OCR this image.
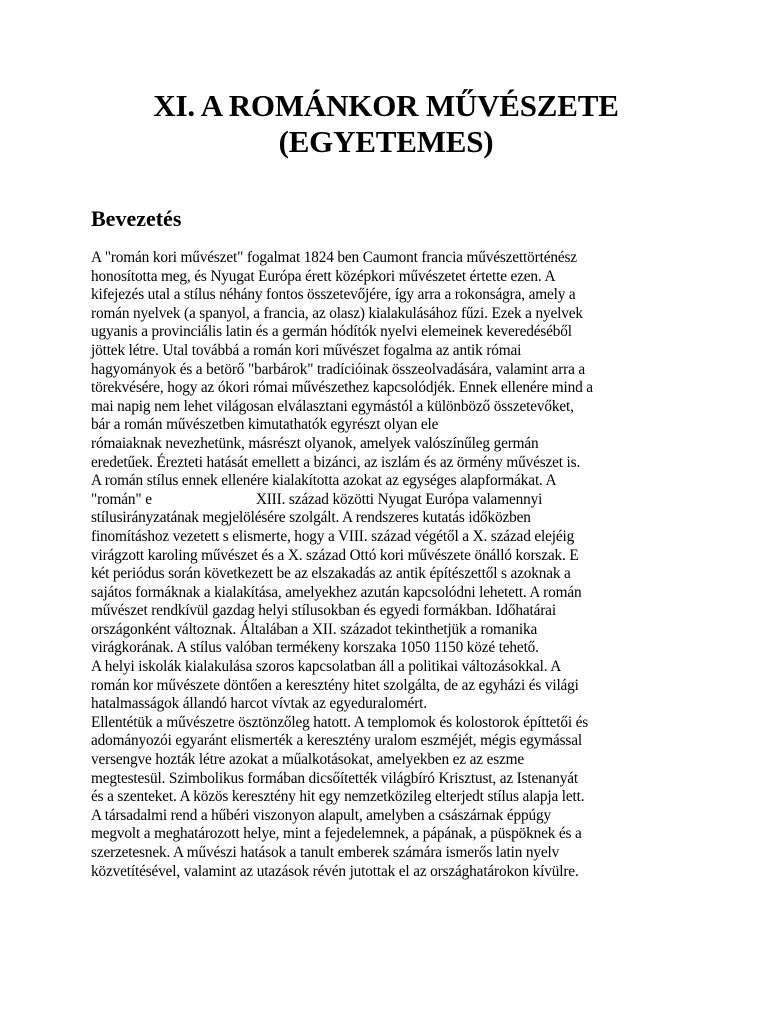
XI. A ROMÁNKOR MŰVÉSZETE
(EGYETEMES)
Bevezetés
A "román kori művészet" fogalmat 1824 ben Caumont francia művészettörténész
honosította meg, és Nyugat Európa érett középkori művészetet értette ezen. A
kifejezés utal a stílus néhány fontos összetevőjére, így arra a rokonságra, amely a
román nyelvek (a spanyol, a francia, az olasz) kialakulásához fűzi. Ezek a nyelvek
ugyanis a provinciális latin és a germán hódítók nyelvi elemeinek keveredéséből
jöttek létre. Utal továbbá a román kori művészet fogalma az antik római
hagyományok és a betörő "barbárok" tradícióinak összeolvadására, valamint arra a
törekvésére, hogy az ókori római művészethez kapcsolódjék. Ennek ellenére mind a
mai napig nem lehet világosan elválasztani egymástól a különböző összetevőket,
bár a román művészetben kimutathatók egyrészt olyan ele
rómaiaknak nevezhetünk, másrészt olyanok, amelyek valószínűleg germán
eredetűek. Érezteti hatását emellett a bizánci, az iszlám és az örmény művészet is.
A román stílus ennek ellenére kialakította azokat az egységes alapformákat. A
"román" e	XIII. század közötti Nyugat Európa valamennyi
stílusirányzatának megjelölésére szolgált. A rendszeres kutatás időközben
finomításhoz vezetett s elismerte, hogy a VIII. század végétől a X. század elejéig
virágzott karoling művészet és a X. század Ottó kori művészete önálló korszak. E
két periódus során következett be az elszakadás az antik építészettől s azoknak a
sajátos formáknak a kialakítása, amelyekhez azután kapcsolódni lehetett. A román
művészet rendkívül gazdag helyi stílusokban és egyedi formákban. Időhatárai
országonként változnak. Általában a XII. századot tekinthetjük a romanika
virágkorának. A stílus valóban termékeny korszaka 1050 1150 közé tehető.
A helyi iskolák kialakulása szoros kapcsolatban áll a politikai változásokkal. A
román kor művészete döntően a keresztény hitet szolgálta, de az egyházi és világi
hatalmasságok állandó harcot vívtak az egyeduralomért.
Ellentétük a művészetre ösztönzőleg hatott. A templomok és kolostorok építtetői és
adományozói egyaránt elismerték a keresztény uralom eszméjét, mégis egymással
versengve hozták létre azokat a műalkotásokat, amelyekben ez az eszme
megtestesül. Szimbolikus formában dicsőítették világbíró Krisztust, az Istenanyát
és a szenteket. A közös keresztény hit egy nemzetközileg elterjedt stílus alapja lett.
A társadalmi rend a hűbéri viszonyon alapult, amelyben a császárnak éppúgy
megvolt a meghatározott helye, mint a fejedelemnek, a pápának, a püspöknek és a
szerzetesnek. A művészi hatások a tanult emberek számára ismerős latin nyelv
közvetítésével, valamint az utazások révén jutottak el az országhatárokon kívülre.
